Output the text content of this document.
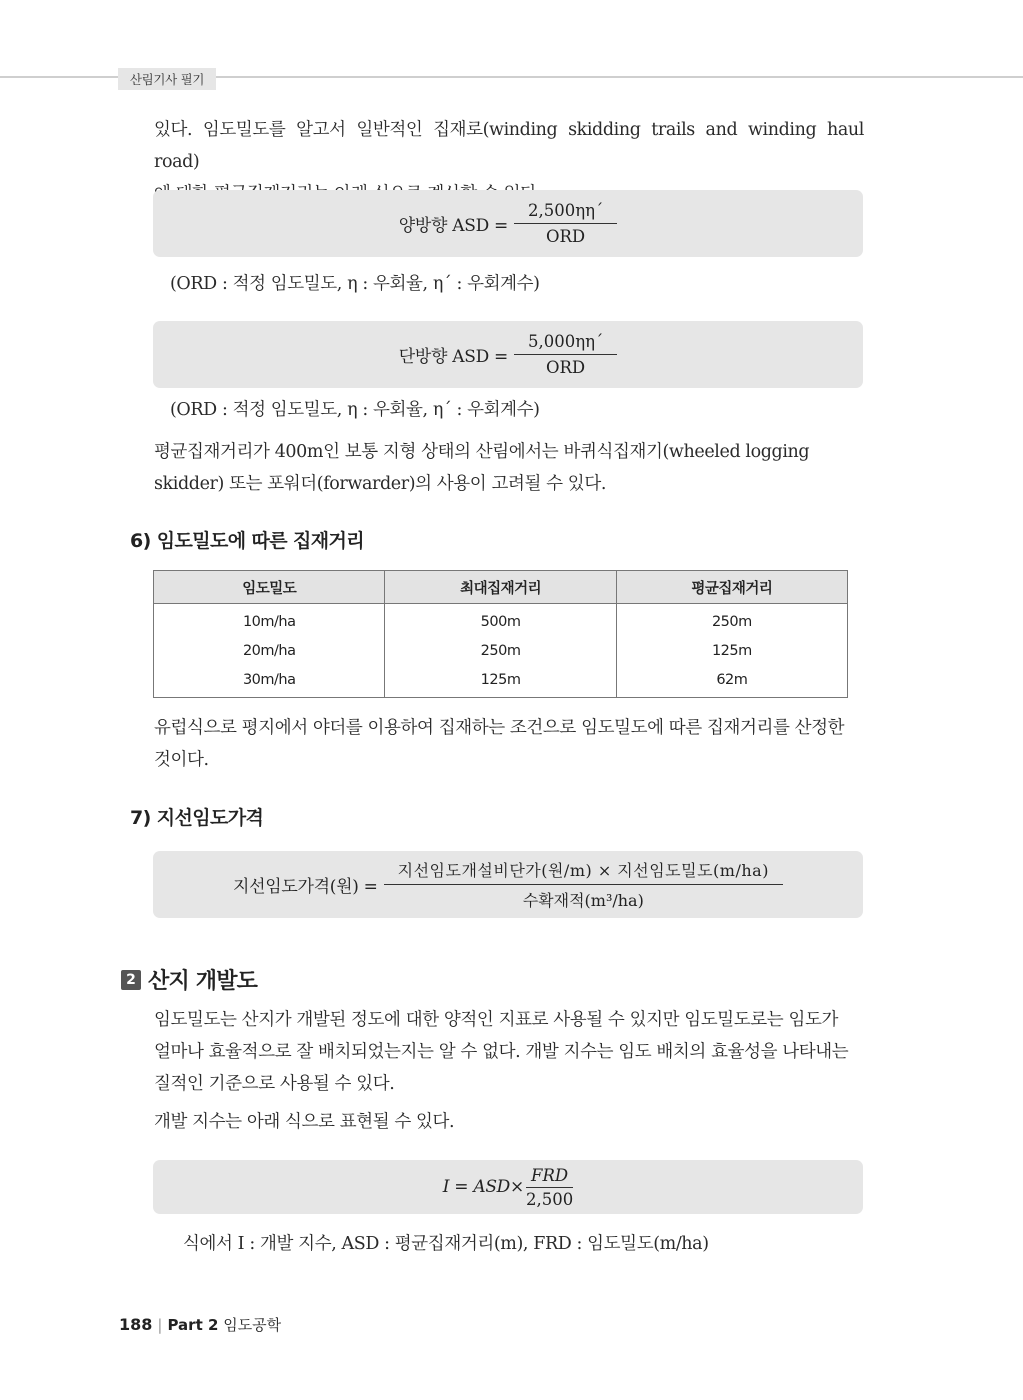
산림기사 필기

있다. 임도밀도를 알고서 일반적인 집재로(winding skidding trails and winding haul road)

양방향 ASD = $\frac{2,500\eta\eta´}{\text{ORD}}$
(ORD : 적정 임도밀도, η : 우회율, η´ : 우회계수)
단방향 ASD = $\frac{5,000\eta\eta´}{\text{ORD}}$
(ORD : 적정 임도밀도, η : 우회율, η´ : 우회계수)

평균집재거리가 400m인 보통 지형 상태의 산림에서는 바퀴식집재기(wheeled logging

skidder) 또는 포워더(forwarder)의 사용이 고려될 수 있다.

6) 임도밀도에 따른 집재거리
임도밀도	최대집재거리	평균집재거리
10m/ha	500m	250m
20m/ha	250m	125m
30m/ha	125m	62m

유럽식으로 평지에서 야더를 이용하여 집재하는 조건으로 임도밀도에 따른 집재거리를 산정한

것이다.

7) 지선임도가격
지선임도가격(원) = $\frac{\text{지선임도개설비단가(원/m) × 지선임도밀도(m/ha)}}{\text{수확재적(m³/ha)}}$
2 산지 개발도

임도밀도는 산지가 개발된 정도에 대한 양적인 지표로 사용될 수 있지만 임도밀도로는 임도가

얼마나 효율적으로 잘 배치되었는지는 알 수 없다. 개발 지수는 임도 배치의 효율성을 나타내는

질적인 기준으로 사용될 수 있다.

개발 지수는 아래 식으로 표현될 수 있다.

$I = ASD\times \frac{\text{FRD}}{2,500}$
식에서 I : 개발 지수, ASD : 평균집재거리(m), FRD : 임도밀도(m/ha)
188 | Part 2 임도공학
